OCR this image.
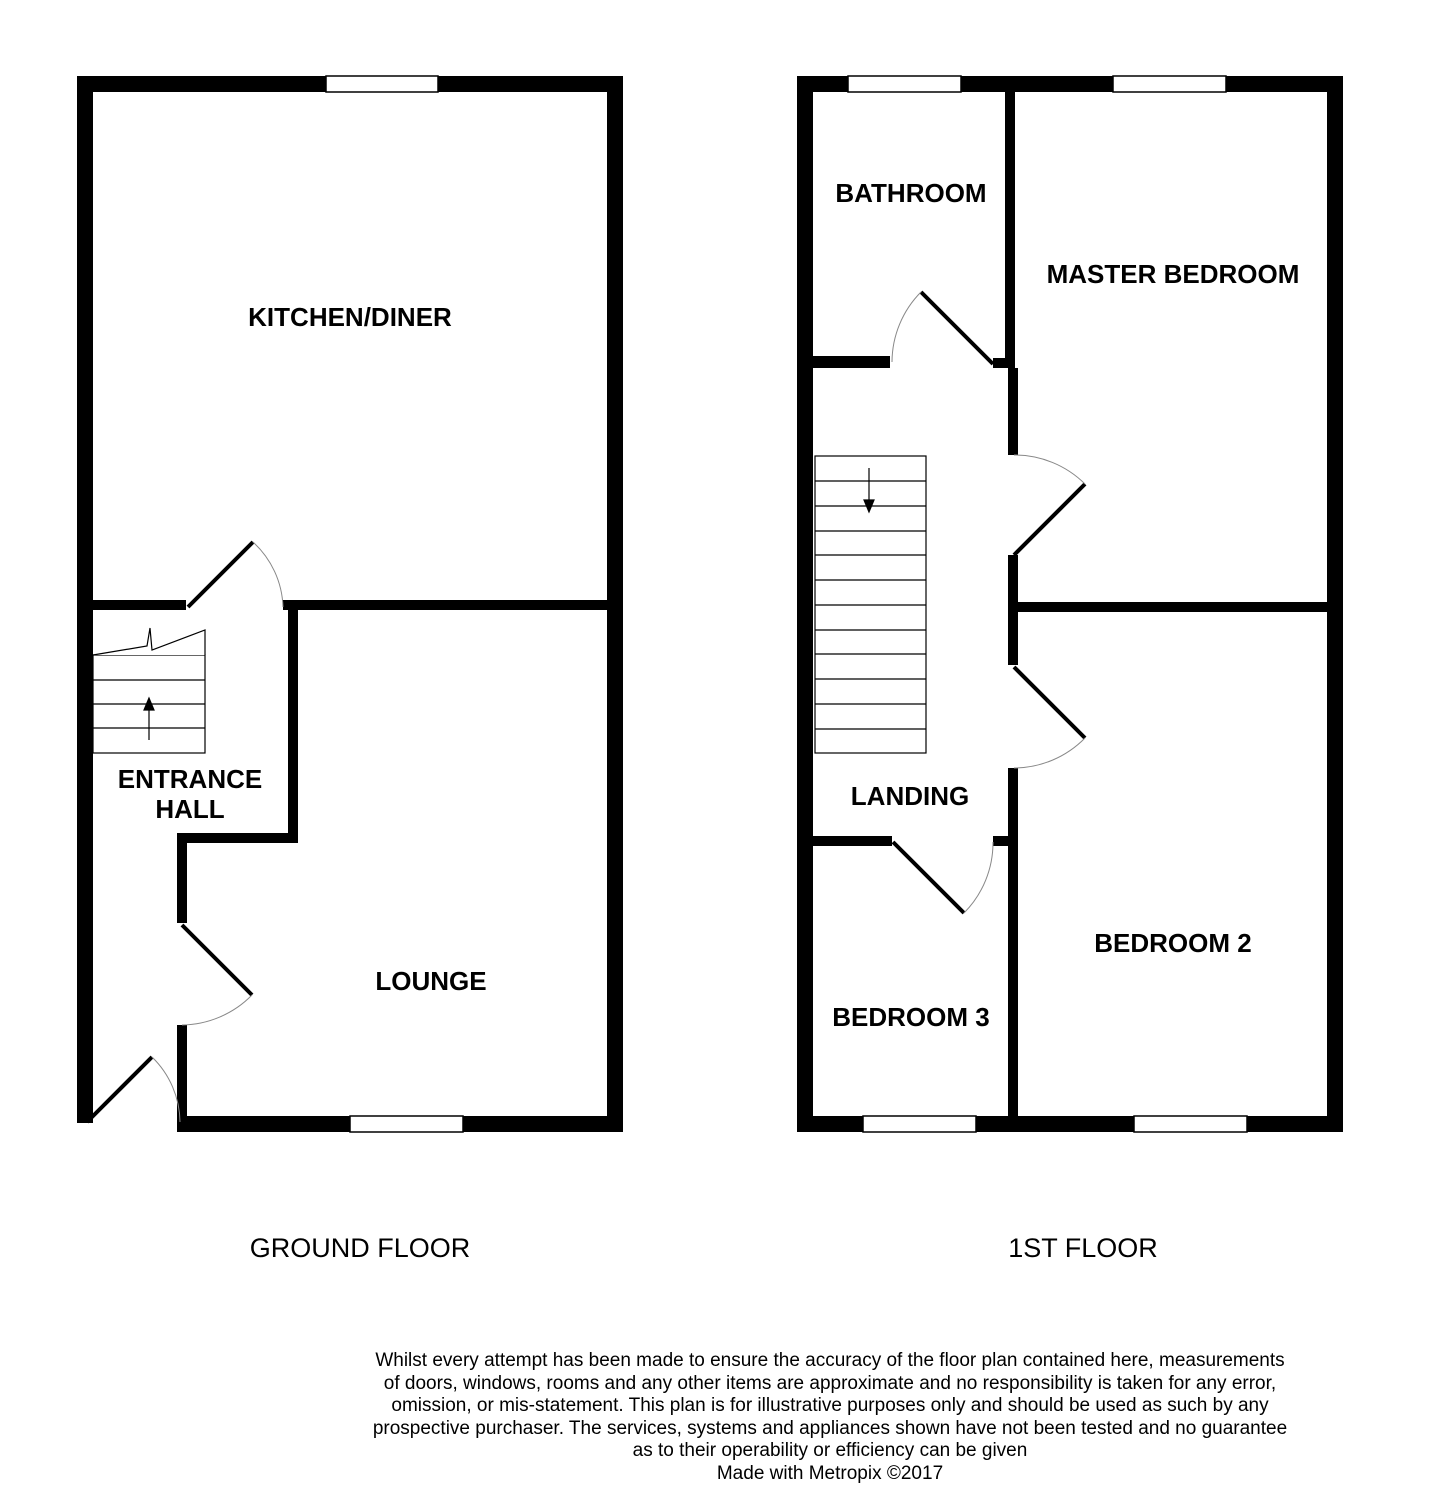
KITCHEN/DINER
ENTRANCE
HALL
LOUNGE
GROUND FLOOR
BATHROOM
MASTER BEDROOM
LANDING
BEDROOM 2
BEDROOM 3
1ST FLOOR

Whilst every attempt has been made to ensure the accuracy of the floor plan contained here, measurements

of doors, windows, rooms and any other items are approximate and no responsibility is taken for any error,

omission, or mis-statement. This plan is for illustrative purposes only and should be used as such by any

prospective purchaser. The services, systems and appliances shown have not been tested and no guarantee

as to their operability or efficiency can be given

Made with Metropix ©2017
